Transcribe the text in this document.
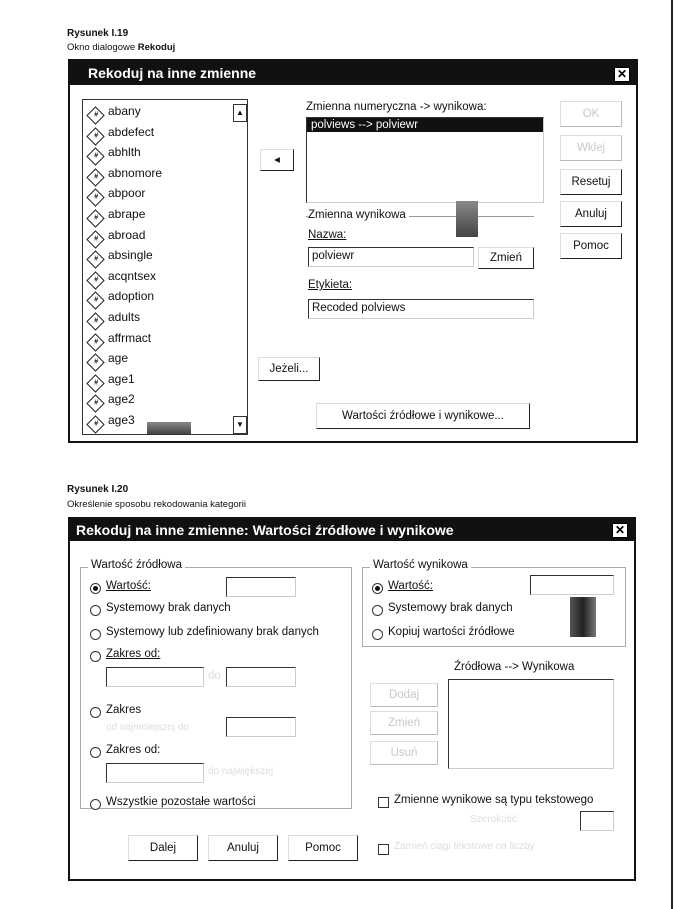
Rysunek I.19
Okno dialogowe Rekoduj
Rekoduj na inne zmienne	✕
# abany
# abdefect
# abhlth
# abnomore
# abpoor
# abrape
# abroad
# absingle
# acqntsex
# adoption
# adults
# affrmact
# age
# age1
# age2
# age3
▲
▼
◂
Zmienna numeryczna -> wynikowa:
polviews --> polviewr
Zmienna wynikowa
Nazwa:
polviewr	Zmień
Etykieta:
Recoded polviews
Jeżeli...
Wartości źródłowe i wynikowe...
OK
Wklej
Resetuj
Anuluj
Pomoc
Rysunek I.20
Określenie sposobu rekodowania kategorii
Rekoduj na inne zmienne: Wartości źródłowe i wynikowe	✕
Wartość źródłowa
Wartość:
Systemowy brak danych
Systemowy lub zdefiniowany brak danych
Zakres od:
do
Zakres
od najmniejszej do
Zakres od:
do największej
Wszystkie pozostałe wartości
Wartość wynikowa
Wartość:
Systemowy brak danych
Kopiuj wartości źródłowe
Dodaj
Zmień
Usuń
Źródłowa --> Wynikowa
Zmienne wynikowe są typu tekstowego
Szerokość
Zamień ciągi tekstowe na liczby
Dalej	Anuluj	Pomoc
